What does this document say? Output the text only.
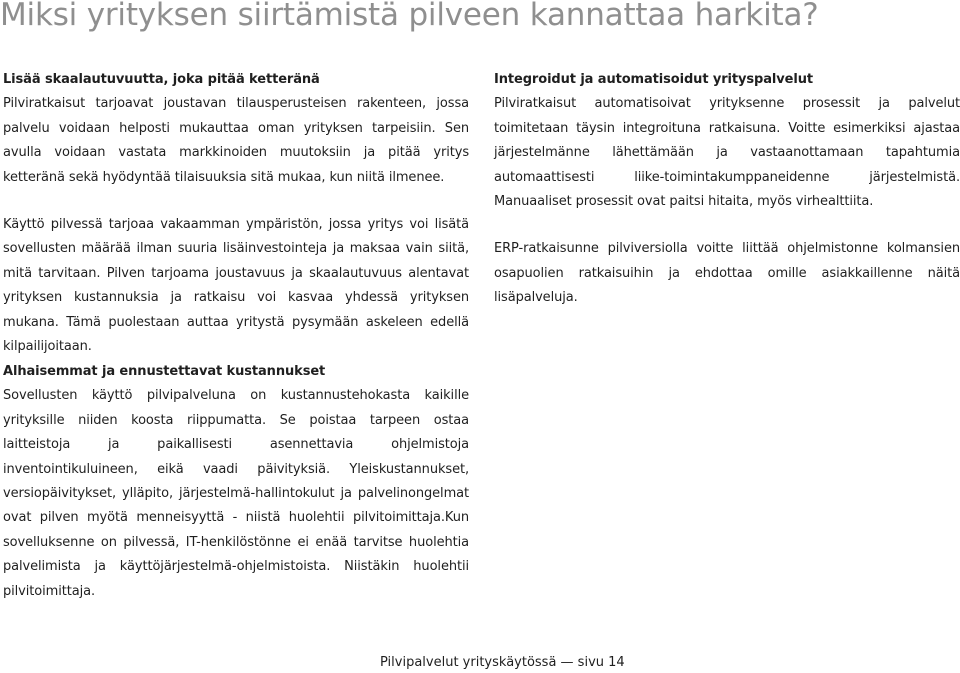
Miksi yrityksen siirtämistä pilveen kannattaa harkita?
Lisää skaalautuvuutta, joka pitää ketteränä

Pilviratkaisut tarjoavat joustavan tilausperusteisen rakenteen, jossa palvelu voidaan helposti mukauttaa oman yrityksen tarpeisiin. Sen avulla voidaan vastata markkinoiden muutoksiin ja pitää yritys ketteränä sekä hyödyntää tilaisuuksia sitä mukaa, kun niitä ilmenee.

Käyttö pilvessä tarjoaa vakaamman ympäristön, jossa yritys voi lisätä sovellusten määrää ilman suuria lisäinvestointeja ja maksaa vain siitä, mitä tarvitaan. Pilven tarjoama joustavuus ja skaalautuvuus alentavat yrityksen kustannuksia ja ratkaisu voi kasvaa yhdessä yrityksen mukana. Tämä puolestaan auttaa yritystä pysymään askeleen edellä kilpailijoitaan.

Integroidut ja automatisoidut yrityspalvelut

Pilviratkaisut automatisoivat yrityksenne prosessit ja palvelut toimitetaan täysin integroituna ratkaisuna. Voitte esimerkiksi ajastaa järjestelmänne lähettämään ja vastaanottamaan tapahtumia automaattisesti liike-toimintakumppaneidenne järjestelmistä. Manuaaliset prosessit ovat paitsi hitaita, myös virhealttiita.

ERP-ratkaisunne pilviversiolla voitte liittää ohjelmistonne kolmansien osapuolien ratkaisuihin ja ehdottaa omille asiakkaillenne näitä lisäpalveluja.

Alhaisemmat ja ennustettavat kustannukset

Sovellusten käyttö pilvipalveluna on kustannustehokasta kaikille yrityksille niiden koosta riippumatta. Se poistaa tarpeen ostaa laitteistoja ja paikallisesti asennettavia ohjelmistoja inventointikuluineen, eikä vaadi päivityksiä. Yleiskustannukset, versiopäivitykset, ylläpito, järjestelmä-hallintokulut ja palvelinongelmat ovat pilven myötä menneisyyttä - niistä huolehtii pilvitoimittaja.Kun sovelluksenne on pilvessä, IT-henkilöstönne ei enää tarvitse huolehtia palvelimista ja käyttöjärjestelmä-ohjelmistoista. Niistäkin huolehtii pilvitoimittaja.

Pilvipalvelut yrityskäytössä — sivu 14
